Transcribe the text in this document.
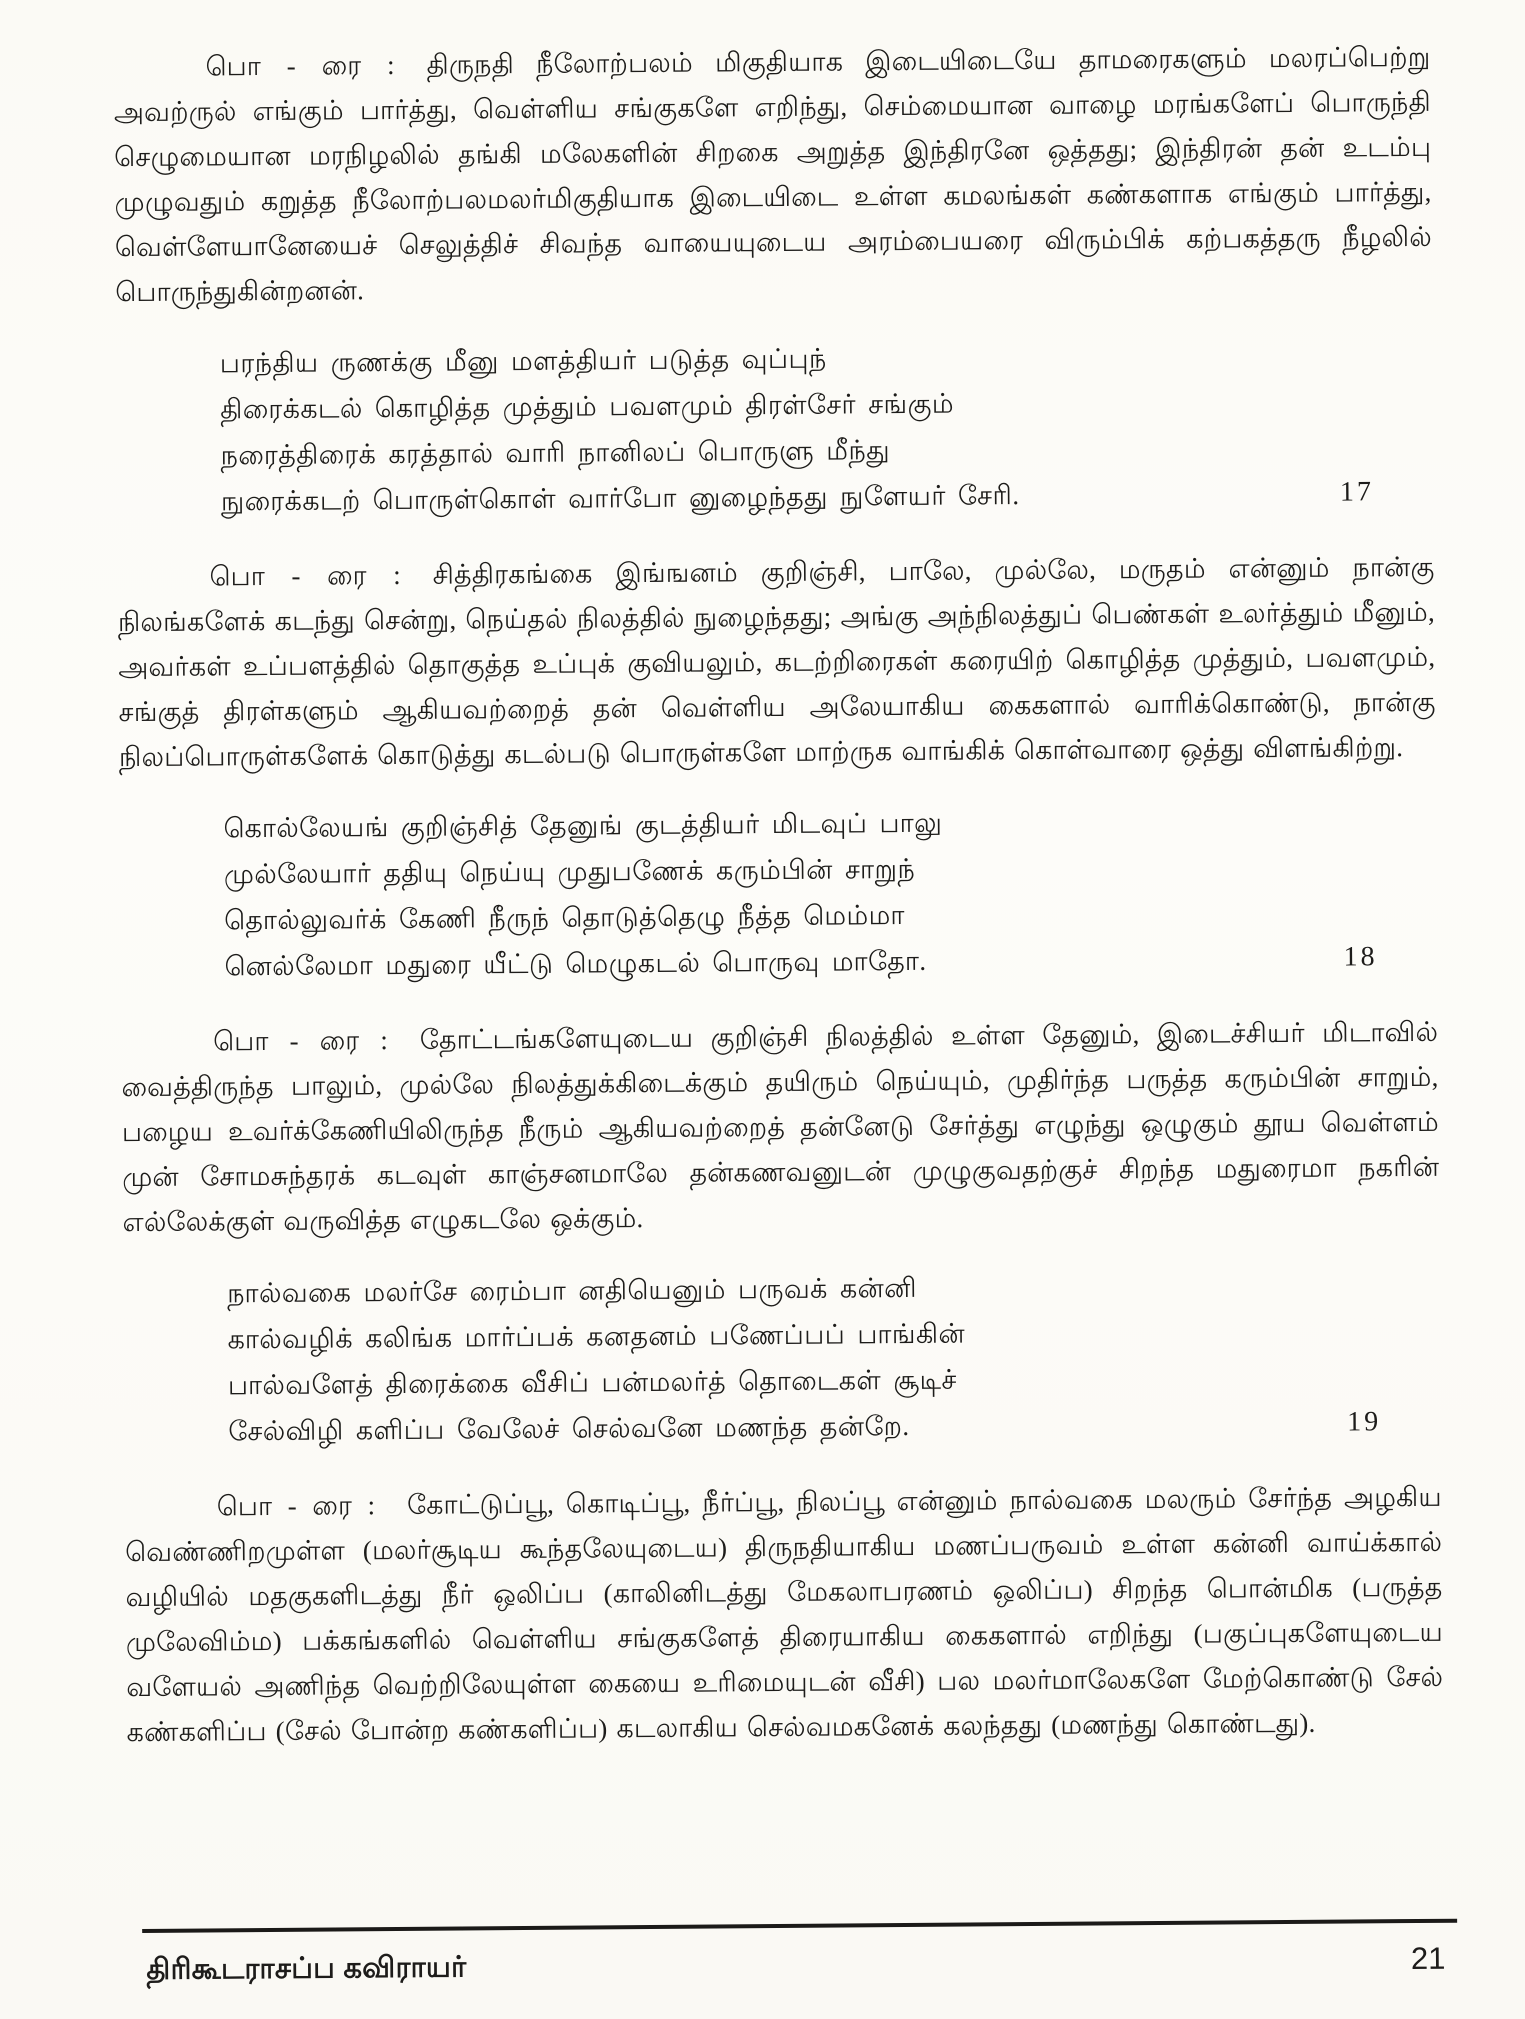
பொ - ரை : திருநதி நீலோற்பலம் மிகுதியாக இடையிடையே தாமரைகளும் மலரப்பெற்று அவற்ருல் எங்கும் பார்த்து, வெள்ளிய சங்குகளே எறிந்து, செம்மையான வாழை மரங்களேப் பொருந்தி செழுமையான மரநிழலில் தங்கி மலேகளின் சிறகை அறுத்த இந்திரனே ஒத்தது; இந்திரன் தன் உடம்பு முழுவதும் கறுத்த நீலோற்பலமலர்மிகுதியாக இடையிடை உள்ள கமலங்கள் கண்களாக எங்கும் பார்த்து, வெள்ளேயானேயைச் செலுத்திச் சிவந்த வாயையுடைய அரம்பையரை விரும்பிக் கற்பகத்தரு நீழலில் பொருந்துகின்றனன்.

பரந்திய ருணக்கு மீனு மளத்தியர் படுத்த வுப்புந்
திரைக்கடல் கொழித்த முத்தும் பவளமும் திரள்சேர் சங்கும்
நரைத்திரைக் கரத்தால் வாரி நானிலப் பொருளு மீந்து
நுரைக்கடற் பொருள்கொள் வார்போ னுழைந்தது நுளேயர் சேரி.	17

பொ - ரை : சித்திரகங்கை இங்ஙனம் குறிஞ்சி, பாலே, முல்லே, மருதம் என்னும் நான்கு நிலங்களேக் கடந்து சென்று, நெய்தல் நிலத்தில் நுழைந்தது; அங்கு அந்நிலத்துப் பெண்கள் உலர்த்தும் மீனும், அவர்கள் உப்பளத்தில் தொகுத்த உப்புக் குவியலும், கடற்றிரைகள் கரையிற் கொழித்த முத்தும், பவளமும், சங்குத் திரள்களும் ஆகியவற்றைத் தன் வெள்ளிய அலேயாகிய கைகளால் வாரிக்கொண்டு, நான்கு நிலப்பொருள்களேக் கொடுத்து கடல்படு பொருள்களே மாற்ருக வாங்கிக் கொள்வாரை ஒத்து விளங்கிற்று.

கொல்லேயங் குறிஞ்சித் தேனுங் குடத்தியர் மிடவுப் பாலு
முல்லேயார் ததியு நெய்யு முதுபணேக் கரும்பின் சாறுந்
தொல்லுவர்க் கேணி நீருந் தொடுத்தெழு நீத்த மெம்மா
னெல்லேமா மதுரை யீட்டு மெழுகடல் பொருவு மாதோ.	18

பொ - ரை : தோட்டங்களேயுடைய குறிஞ்சி நிலத்தில் உள்ள தேனும், இடைச்சியர் மிடாவில் வைத்திருந்த பாலும், முல்லே நிலத்துக்கிடைக்கும் தயிரும் நெய்யும், முதிர்ந்த பருத்த கரும்பின் சாறும், பழைய உவர்க்கேணியிலிருந்த நீரும் ஆகியவற்றைத் தன்னேடு சேர்த்து எழுந்து ஒழுகும் தூய வெள்ளம் முன் சோமசுந்தரக் கடவுள் காஞ்சனமாலே தன்கணவனுடன் முழுகுவதற்குச் சிறந்த மதுரைமா நகரின் எல்லேக்குள் வருவித்த எழுகடலே ஒக்கும்.

நால்வகை மலர்சே ரைம்பா னதியெனும் பருவக் கன்னி
கால்வழிக் கலிங்க மார்ப்பக் கனதனம் பணேப்பப் பாங்கின்
பால்வளேத் திரைக்கை வீசிப் பன்மலர்த் தொடைகள் சூடிச்
சேல்விழி களிப்ப வேலேச் செல்வனே மணந்த தன்றே.	19

பொ - ரை : கோட்டுப்பூ, கொடிப்பூ, நீர்ப்பூ, நிலப்பூ என்னும் நால்வகை மலரும் சேர்ந்த அழகிய வெண்ணிறமுள்ள (மலர்சூடிய கூந்தலேயுடைய) திருநதியாகிய மணப்பருவம் உள்ள கன்னி வாய்க்கால் வழியில் மதகுகளிடத்து நீர் ஒலிப்ப (காலினிடத்து மேகலாபரணம் ஒலிப்ப) சிறந்த பொன்மிக (பருத்த முலேவிம்ம) பக்கங்களில் வெள்ளிய சங்குகளேத் திரையாகிய கைகளால் எறிந்து (பகுப்புகளேயுடைய வளேயல் அணிந்த வெற்றிலேயுள்ள கையை உரிமையுடன் வீசி) பல மலர்மாலேகளே மேற்கொண்டு சேல் கண்களிப்ப (சேல் போன்ற கண்களிப்ப) கடலாகிய செல்வமகனேக் கலந்தது (மணந்து கொண்டது).

திரிகூடராசப்ப கவிராயர்	21
